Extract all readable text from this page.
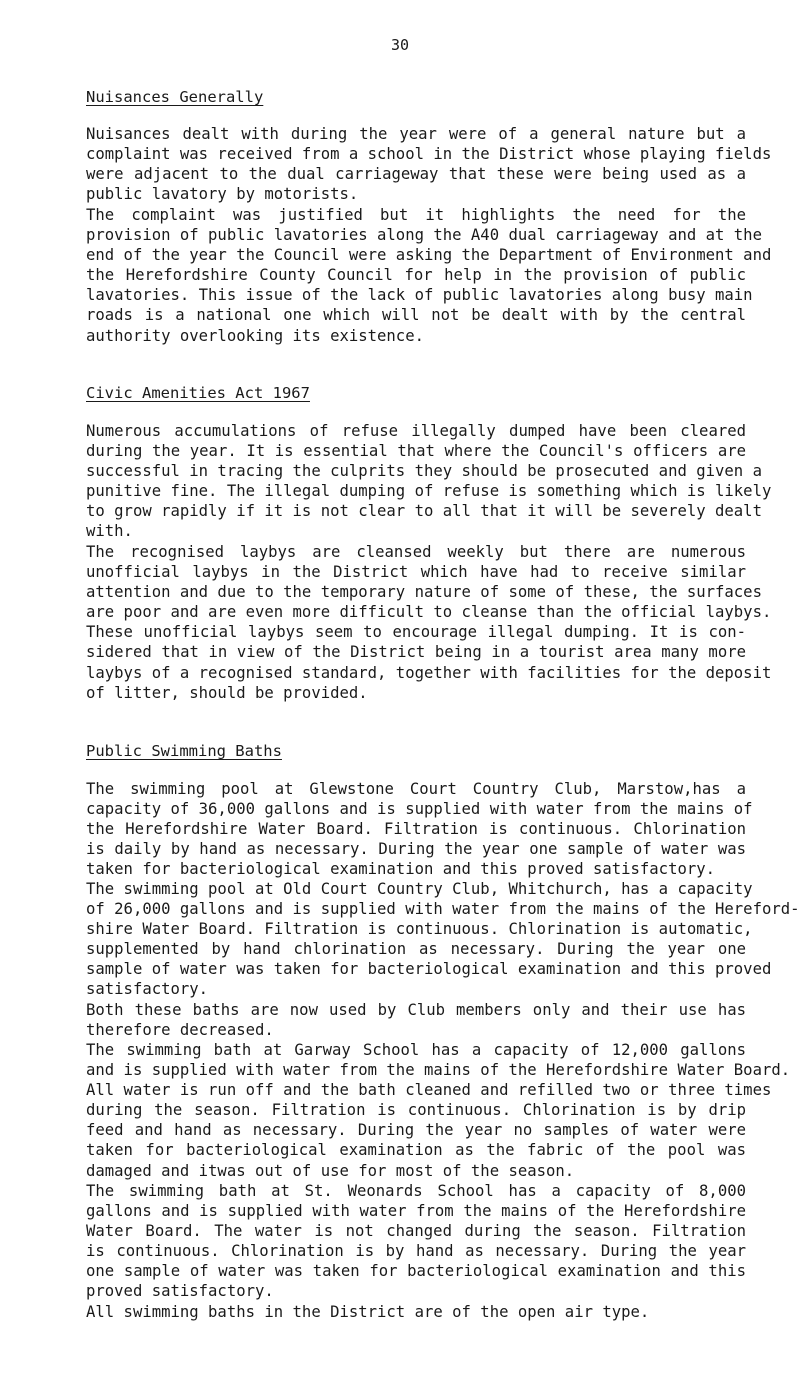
30
Nuisances Generally
Nuisances dealt with during the year were of a general nature but a
complaint was received from a school in the District whose playing fields
were adjacent to the dual carriageway that these were being used as a
public lavatory by motorists.
The complaint was justified but it highlights the need for the
provision of public lavatories along the A40 dual carriageway and at the
end of the year the Council were asking the Department of Environment and
the Herefordshire County Council for help in the provision of public
lavatories. This issue of the lack of public lavatories along busy main
roads is a national one which will not be dealt with by the central
authority overlooking its existence.
Civic Amenities Act 1967
Numerous accumulations of refuse illegally dumped have been cleared
during the year. It is essential that where the Council's officers are
successful in tracing the culprits they should be prosecuted and given a
punitive fine. The illegal dumping of refuse is something which is likely
to grow rapidly if it is not clear to all that it will be severely dealt
with.
The recognised laybys are cleansed weekly but there are numerous
unofficial laybys in the District which have had to receive similar
attention and due to the temporary nature of some of these, the surfaces
are poor and are even more difficult to cleanse than the official laybys.
These unofficial laybys seem to encourage illegal dumping. It is con-
sidered that in view of the District being in a tourist area many more
laybys of a recognised standard, together with facilities for the deposit
of litter, should be provided.
Public Swimming Baths
The swimming pool at Glewstone Court Country Club, Marstow,has a
capacity of 36,000 gallons and is supplied with water from the mains of
the Herefordshire Water Board. Filtration is continuous. Chlorination
is daily by hand as necessary. During the year one sample of water was
taken for bacteriological examination and this proved satisfactory.
The swimming pool at Old Court Country Club, Whitchurch, has a capacity
of 26,000 gallons and is supplied with water from the mains of the Hereford-
shire Water Board. Filtration is continuous. Chlorination is automatic,
supplemented by hand chlorination as necessary. During the year one
sample of water was taken for bacteriological examination and this proved
satisfactory.
Both these baths are now used by Club members only and their use has
therefore decreased.
The swimming bath at Garway School has a capacity of 12,000 gallons
and is supplied with water from the mains of the Herefordshire Water Board.
All water is run off and the bath cleaned and refilled two or three times
during the season. Filtration is continuous. Chlorination is by drip
feed and hand as necessary. During the year no samples of water were
taken for bacteriological examination as the fabric of the pool was
damaged and itwas out of use for most of the season.
The swimming bath at St. Weonards School has a capacity of 8,000
gallons and is supplied with water from the mains of the Herefordshire
Water Board. The water is not changed during the season. Filtration
is continuous. Chlorination is by hand as necessary. During the year
one sample of water was taken for bacteriological examination and this
proved satisfactory.
All swimming baths in the District are of the open air type.
